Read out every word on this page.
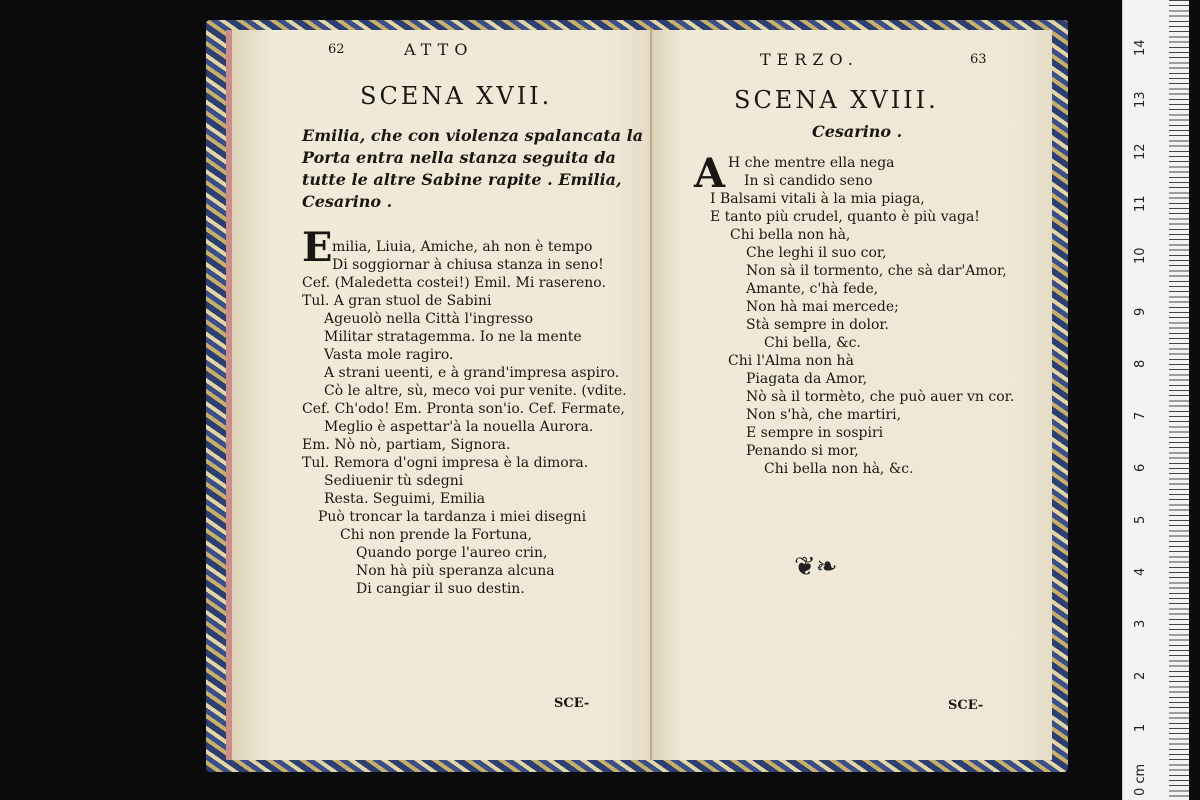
62	ATTO
SCENA XVII.
Emilia, che con violenza spalancata la
Porta entra nella stanza seguita da
tutte le altre Sabine rapite . Emilia,
Cesarino .
E milia, Liuia, Amiche, ah non è tempo
Di soggiornar à chiusa stanza in seno!
Cef. (Maledetta costei!) Emil. Mi rasereno.
Tul. A gran stuol de Sabini
Ageuolò nella Città l'ingresso
Militar stratagemma. Io ne la mente
Vasta mole ragiro.
A strani ueenti, e à grand'impresa aspiro.
Cò le altre, sù, meco voi pur venite. (vdite.
Cef. Ch'odo! Em. Pronta son'io. Cef. Fermate,
Meglio è aspettar'à la nouella Aurora.
Em. Nò nò, partiam, Signora.
Tul. Remora d'ogni impresa è la dimora.
Sediuenir tù sdegni
Resta. Seguimi, Emilia
Può troncar la tardanza i miei disegni
Chi non prende la Fortuna,
Quando porge l'aureo crin,
Non hà più speranza alcuna
Di cangiar il suo destin.
SCE-
TERZO.	63
SCENA XVIII.
Cesarino .
A H che mentre ella nega
In sì candido seno
I Balsami vitali à la mia piaga,
E tanto più crudel, quanto è più vaga!
Chi bella non hà,
Che leghi il suo cor,
Non sà il tormento, che sà dar'Amor,
Amante, c'hà fede,
Non hà mai mercede;
Stà sempre in dolor.
Chi bella, &c.
Chi l'Alma non hà
Piagata da Amor,
Nò sà il tormèto, che può auer vn cor.
Non s'hà, che martiri,
E sempre in sospiri
Penando si mor,
Chi bella non hà, &c.
❦❧
SCE-
14
13
12
11
10
9
8
7
6
5
4
3
2
1
0 cm
